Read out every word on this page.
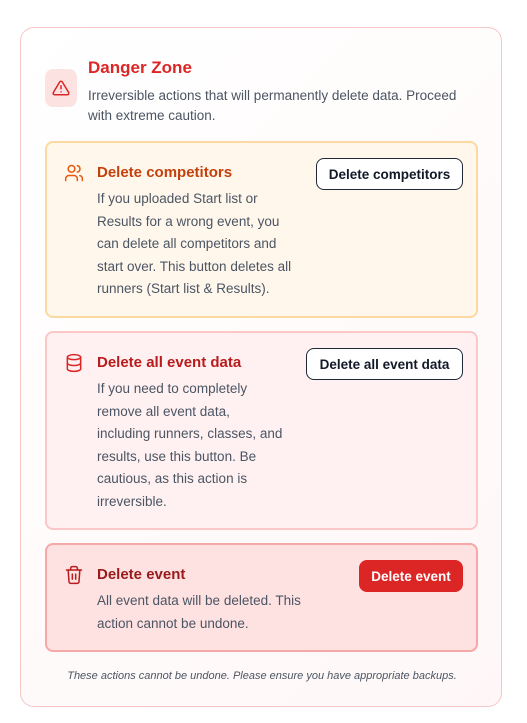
Danger Zone
Irreversible actions that will permanently delete data. Proceed with extreme caution.
Delete competitors
If you uploaded Start list or
Results for a wrong event, you
can delete all competitors and
start over. This button deletes all
runners (Start list & Results).
Delete competitors
Delete all event data
If you need to completely
remove all event data,
including runners, classes, and
results, use this button. Be
cautious, as this action is
irreversible.
Delete all event data
Delete event
All event data will be deleted. This
action cannot be undone.
Delete event
These actions cannot be undone. Please ensure you have appropriate backups.
